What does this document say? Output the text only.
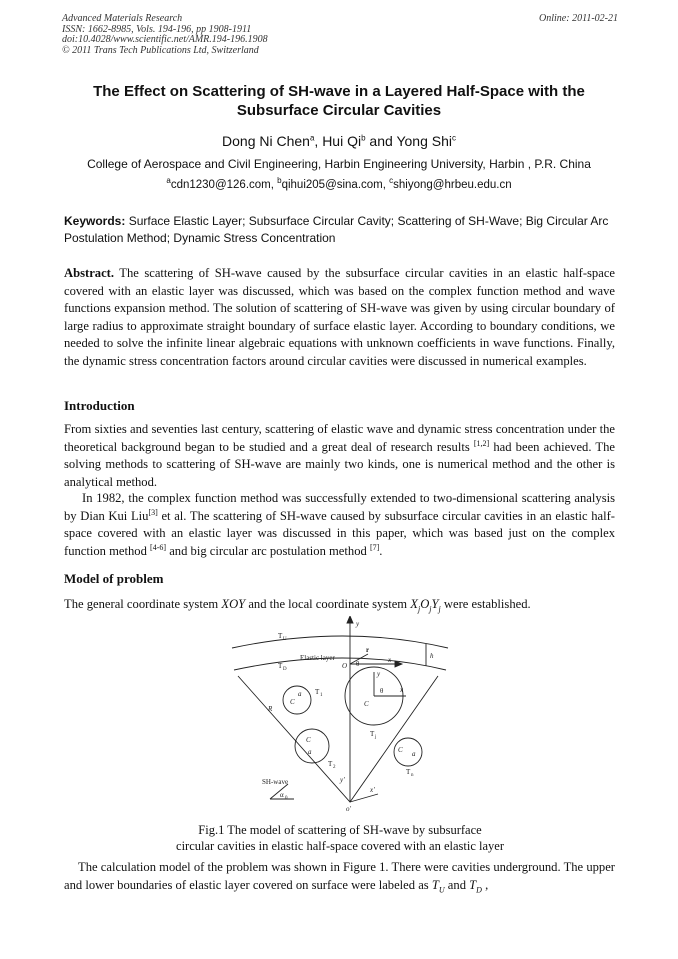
Advanced Materials Research
ISSN: 1662-8985, Vols. 194-196, pp 1908-1911
doi:10.4028/www.scientific.net/AMR.194-196.1908
© 2011 Trans Tech Publications Ltd, Switzerland
Online: 2011-02-21
The Effect on Scattering of SH-wave in a Layered Half-Space with the Subsurface Circular Cavities
Dong Ni Chen$^a$, Hui Qi$^b$ and Yong Shi$^c$
College of Aerospace and Civil Engineering, Harbin Engineering University, Harbin , P.R. China
$^a$cdn1230@126.com, $^b$qihui205@sina.com, $^c$shiyong@hrbeu.edu.cn
Keywords: Surface Elastic Layer; Subsurface Circular Cavity; Scattering of SH-Wave; Big Circular Arc Postulation Method; Dynamic Stress Concentration
Abstract. The scattering of SH-wave caused by the subsurface circular cavities in an elastic half-space covered with an elastic layer was discussed, which was based on the complex function method and wave functions expansion method. The solution of scattering of SH-wave was given by using circular boundary of large radius to approximate straight boundary of surface elastic layer. According to boundary conditions, we needed to solve the infinite linear algebraic equations with unknown coefficients in wave functions. Finally, the dynamic stress concentration factors around circular cavities were discussed in numerical examples.
Introduction
From sixties and seventies last century, scattering of elastic wave and dynamic stress concentration under the theoretical background began to be studied and a great deal of research results [1,2] had been achieved. The solving methods to scattering of SH-wave are mainly two kinds, one is numerical method and the other is analytical method.
In 1982, the complex function method was successfully extended to two-dimensional scattering analysis by Dian Kui Liu[3] et al. The scattering of SH-wave caused by subsurface circular cavities in an elastic half-space covered with an elastic layer was discussed in this paper, which was based just on the complex function method [4-6] and big circular arc postulation method [7].
Model of problem
The general coordinate system XOY and the local coordinate system $X_jO_jY_j$ were established.
T U
T D
Elastic layer
y
x
O
r
θ
h
y
x
C
θ
T 1
C
a
C
a
T 2
T j
C a
T n
R
SH-wave
α 0
y'
x'
o'
Fig.1 The model of scattering of SH-wave by subsurface
circular cavities in elastic half-space covered with an elastic layer
The calculation model of the problem was shown in Figure 1. There were cavities underground. The upper and lower boundaries of elastic layer covered on surface were labeled as $T_U$ and $T_D$ ,
